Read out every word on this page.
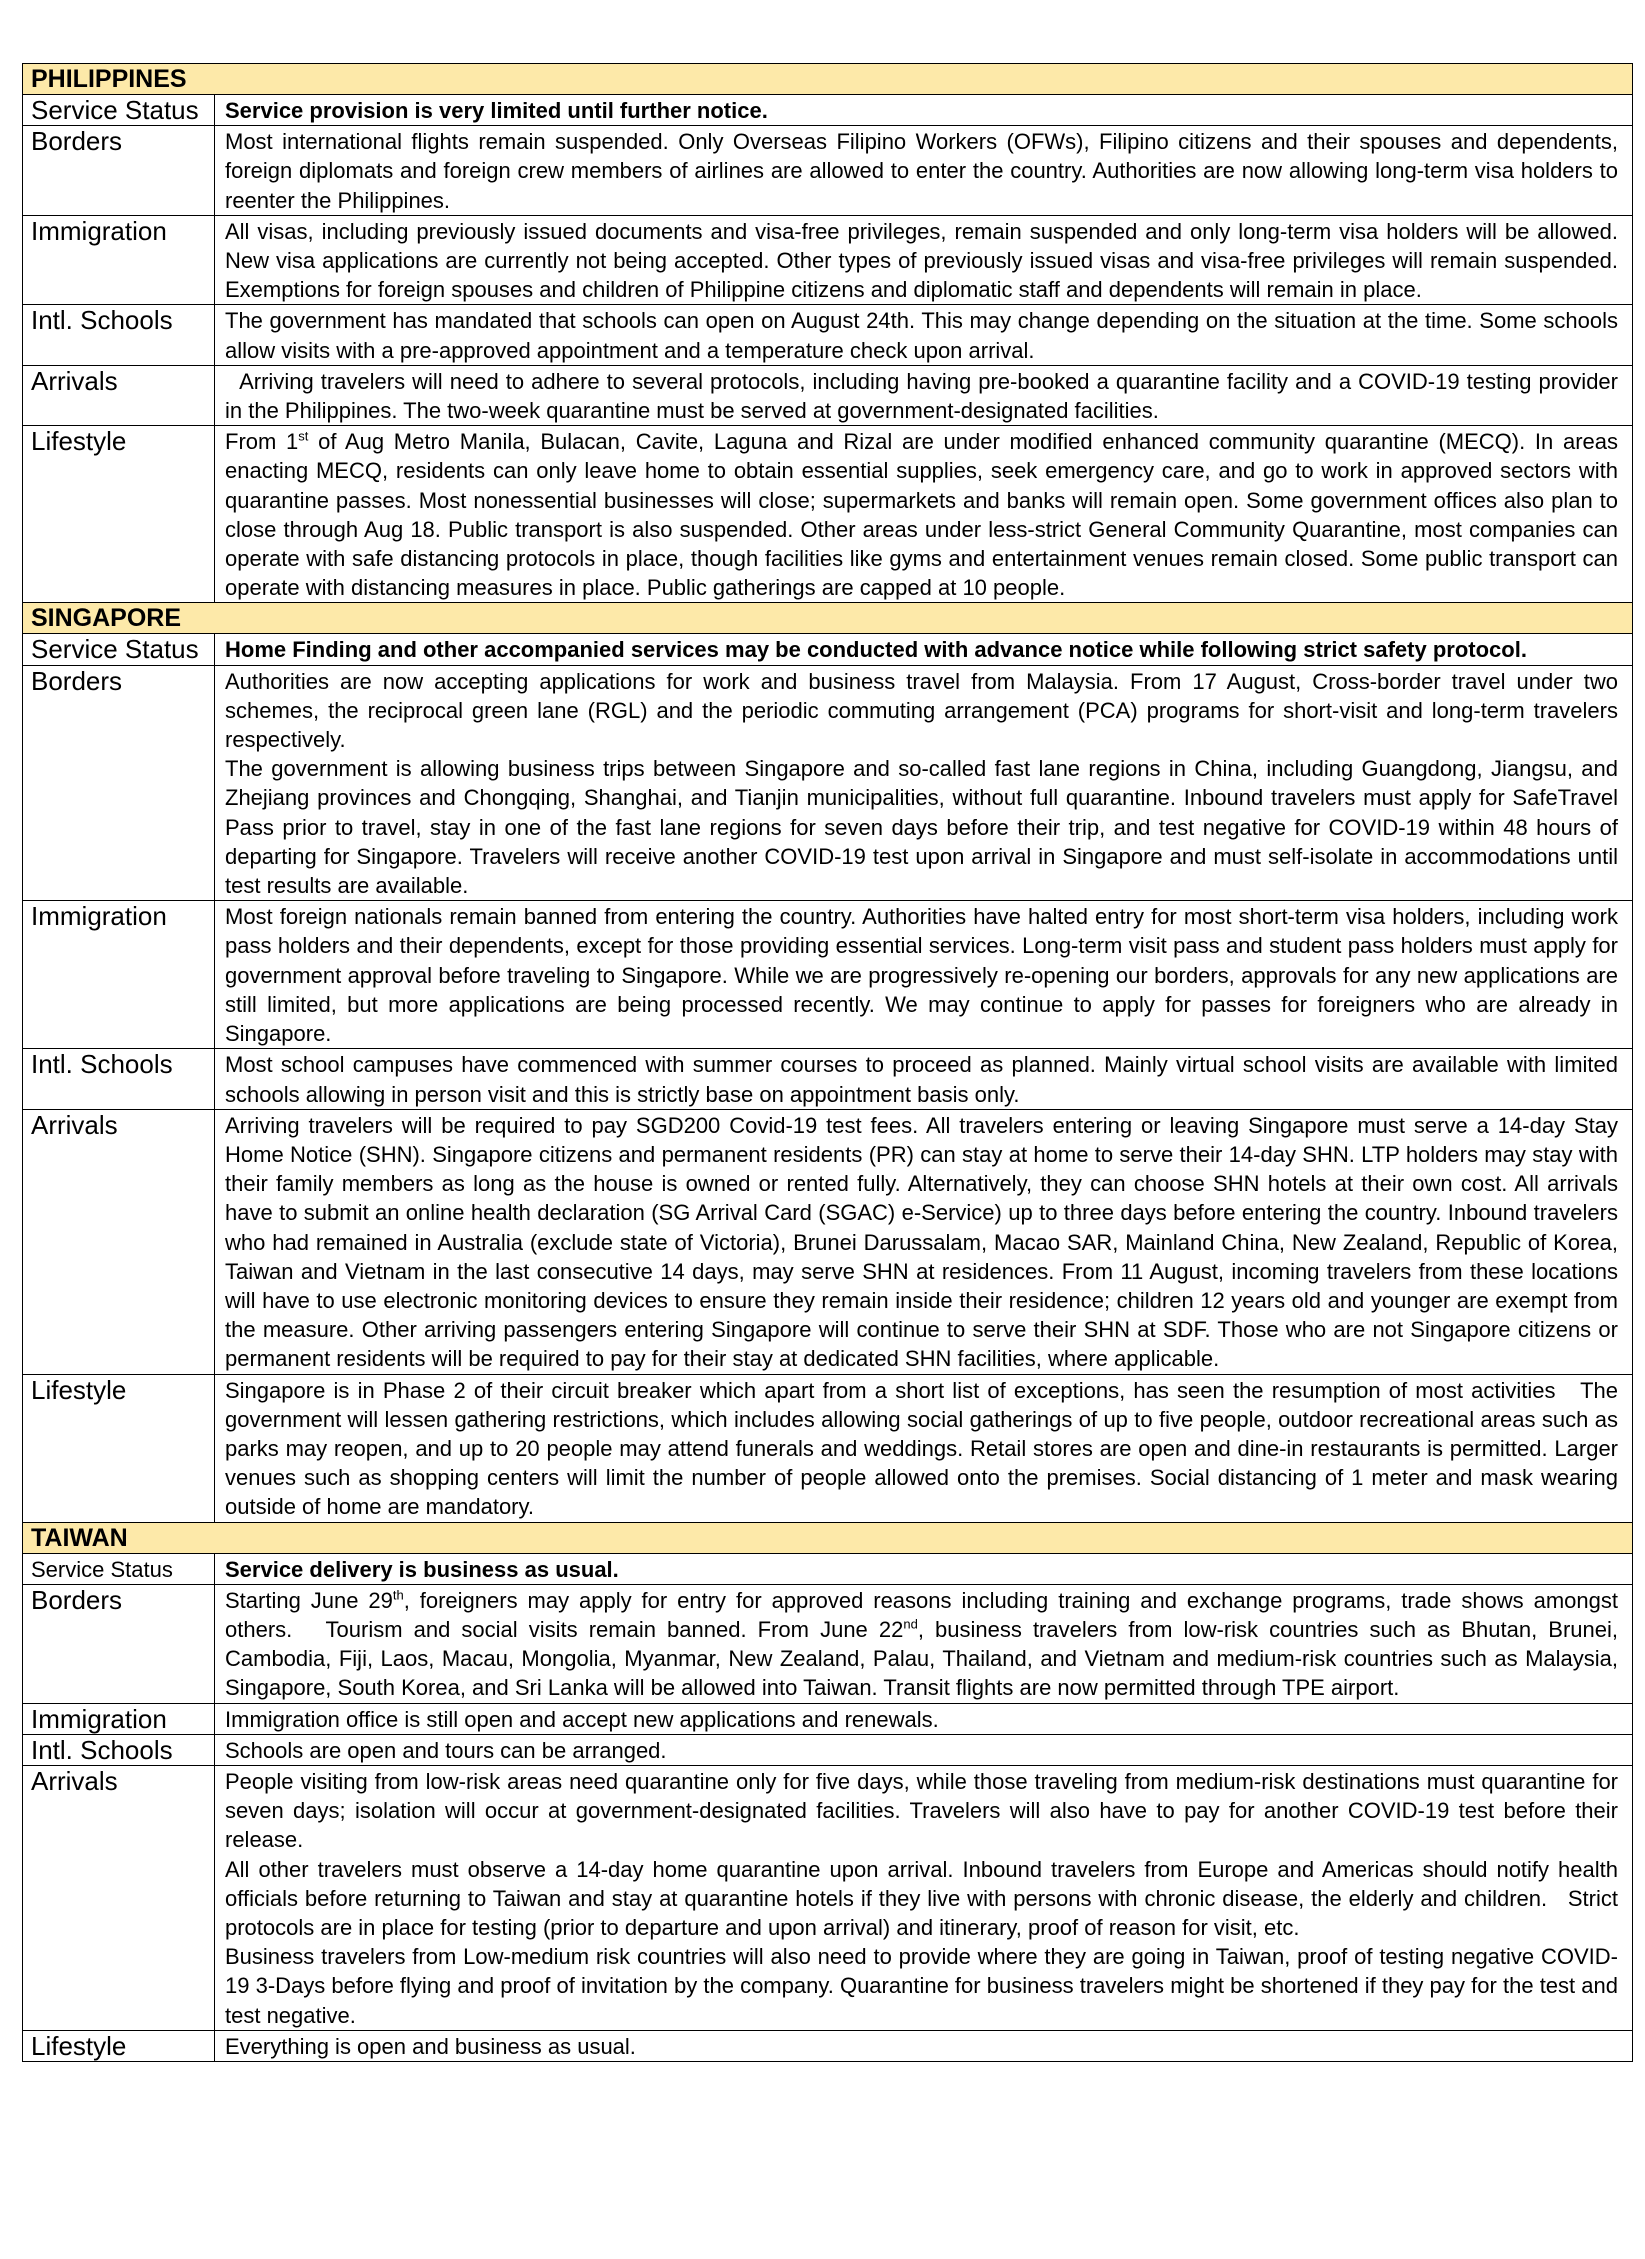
PHILIPPINES	
Service Status	Service provision is very limited until further notice.

Borders	Most international flights remain suspended. Only Overseas Filipino Workers (OFWs), Filipino citizens and their spouses and dependents, foreign diplomats and foreign crew members of airlines are allowed to enter the country. Authorities are now allowing long-term visa holders to reenter the Philippines.

Immigration	All visas, including previously issued documents and visa-free privileges, remain suspended and only long-term visa holders will be allowed. New visa applications are currently not being accepted. Other types of previously issued visas and visa-free privileges will remain suspended. Exemptions for foreign spouses and children of Philippine citizens and diplomatic staff and dependents will remain in place.

Intl. Schools	The government has mandated that schools can open on August 24th. This may change depending on the situation at the time. Some schools allow visits with a pre-approved appointment and a temperature check upon arrival.

Arrivals	Arriving travelers will need to adhere to several protocols, including having pre-booked a quarantine facility and a COVID-19 testing provider in the Philippines. The two-week quarantine must be served at government-designated facilities.

Lifestyle	From 1st of Aug Metro Manila, Bulacan, Cavite, Laguna and Rizal are under modified enhanced community quarantine (MECQ). In areas enacting MECQ, residents can only leave home to obtain essential supplies, seek emergency care, and go to work in approved sectors with quarantine passes. Most nonessential businesses will close; supermarkets and banks will remain open. Some government offices also plan to close through Aug 18. Public transport is also suspended. Other areas under less-strict General Community Quarantine, most companies can operate with safe distancing protocols in place, though facilities like gyms and entertainment venues remain closed. Some public transport can operate with distancing measures in place. Public gatherings are capped at 10 people.

SINGAPORE	
Service Status	Home Finding and other accompanied services may be conducted with advance notice while following strict safety protocol.

Borders	Authorities are now accepting applications for work and business travel from Malaysia. From 17 August, Cross-border travel under two schemes, the reciprocal green lane (RGL) and the periodic commuting arrangement (PCA) programs for short-visit and long-term travelers respectively.

The government is allowing business trips between Singapore and so-called fast lane regions in China, including Guangdong, Jiangsu, and Zhejiang provinces and Chongqing, Shanghai, and Tianjin municipalities, without full quarantine. Inbound travelers must apply for SafeTravel Pass prior to travel, stay in one of the fast lane regions for seven days before their trip, and test negative for COVID-19 within 48 hours of departing for Singapore. Travelers will receive another COVID-19 test upon arrival in Singapore and must self-isolate in accommodations until test results are available.

Immigration	Most foreign nationals remain banned from entering the country. Authorities have halted entry for most short-term visa holders, including work pass holders and their dependents, except for those providing essential services. Long-term visit pass and student pass holders must apply for government approval before traveling to Singapore. While we are progressively re-opening our borders, approvals for any new applications are still limited, but more applications are being processed recently. We may continue to apply for passes for foreigners who are already in Singapore.

Intl. Schools	Most school campuses have commenced with summer courses to proceed as planned. Mainly virtual school visits are available with limited schools allowing in person visit and this is strictly base on appointment basis only.

Arrivals	Arriving travelers will be required to pay SGD200 Covid-19 test fees. All travelers entering or leaving Singapore must serve a 14-day Stay Home Notice (SHN). Singapore citizens and permanent residents (PR) can stay at home to serve their 14-day SHN. LTP holders may stay with their family members as long as the house is owned or rented fully. Alternatively, they can choose SHN hotels at their own cost. All arrivals have to submit an online health declaration (SG Arrival Card (SGAC) e-Service) up to three days before entering the country. Inbound travelers who had remained in Australia (exclude state of Victoria), Brunei Darussalam, Macao SAR, Mainland China, New Zealand, Republic of Korea, Taiwan and Vietnam in the last consecutive 14 days, may serve SHN at residences. From 11 August, incoming travelers from these locations will have to use electronic monitoring devices to ensure they remain inside their residence; children 12 years old and younger are exempt from the measure. Other arriving passengers entering Singapore will continue to serve their SHN at SDF. Those who are not Singapore citizens or permanent residents will be required to pay for their stay at dedicated SHN facilities, where applicable.

Lifestyle	Singapore is in Phase 2 of their circuit breaker which apart from a short list of exceptions, has seen the resumption of most activities   The government will lessen gathering restrictions, which includes allowing social gatherings of up to five people, outdoor recreational areas such as parks may reopen, and up to 20 people may attend funerals and weddings. Retail stores are open and dine-in restaurants is permitted. Larger venues such as shopping centers will limit the number of people allowed onto the premises. Social distancing of 1 meter and mask wearing outside of home are mandatory.

TAIWAN	
Service Status	Service delivery is business as usual.

Borders	Starting June 29th, foreigners may apply for entry for approved reasons including training and exchange programs, trade shows amongst others.   Tourism and social visits remain banned. From June 22nd, business travelers from low-risk countries such as Bhutan, Brunei, Cambodia, Fiji, Laos, Macau, Mongolia, Myanmar, New Zealand, Palau, Thailand, and Vietnam and medium-risk countries such as Malaysia, Singapore, South Korea, and Sri Lanka will be allowed into Taiwan. Transit flights are now permitted through TPE airport.

Immigration	Immigration office is still open and accept new applications and renewals.

Intl. Schools	Schools are open and tours can be arranged.

Arrivals	People visiting from low-risk areas need quarantine only for five days, while those traveling from medium-risk destinations must quarantine for seven days; isolation will occur at government-designated facilities. Travelers will also have to pay for another COVID-19 test before their release.

All other travelers must observe a 14-day home quarantine upon arrival. Inbound travelers from Europe and Americas should notify health officials before returning to Taiwan and stay at quarantine hotels if they live with persons with chronic disease, the elderly and children.   Strict protocols are in place for testing (prior to departure and upon arrival) and itinerary, proof of reason for visit, etc.

Business travelers from Low-medium risk countries will also need to provide where they are going in Taiwan, proof of testing negative COVID-19 3-Days before flying and proof of invitation by the company. Quarantine for business travelers might be shortened if they pay for the test and test negative.

Lifestyle	Everything is open and business as usual.
